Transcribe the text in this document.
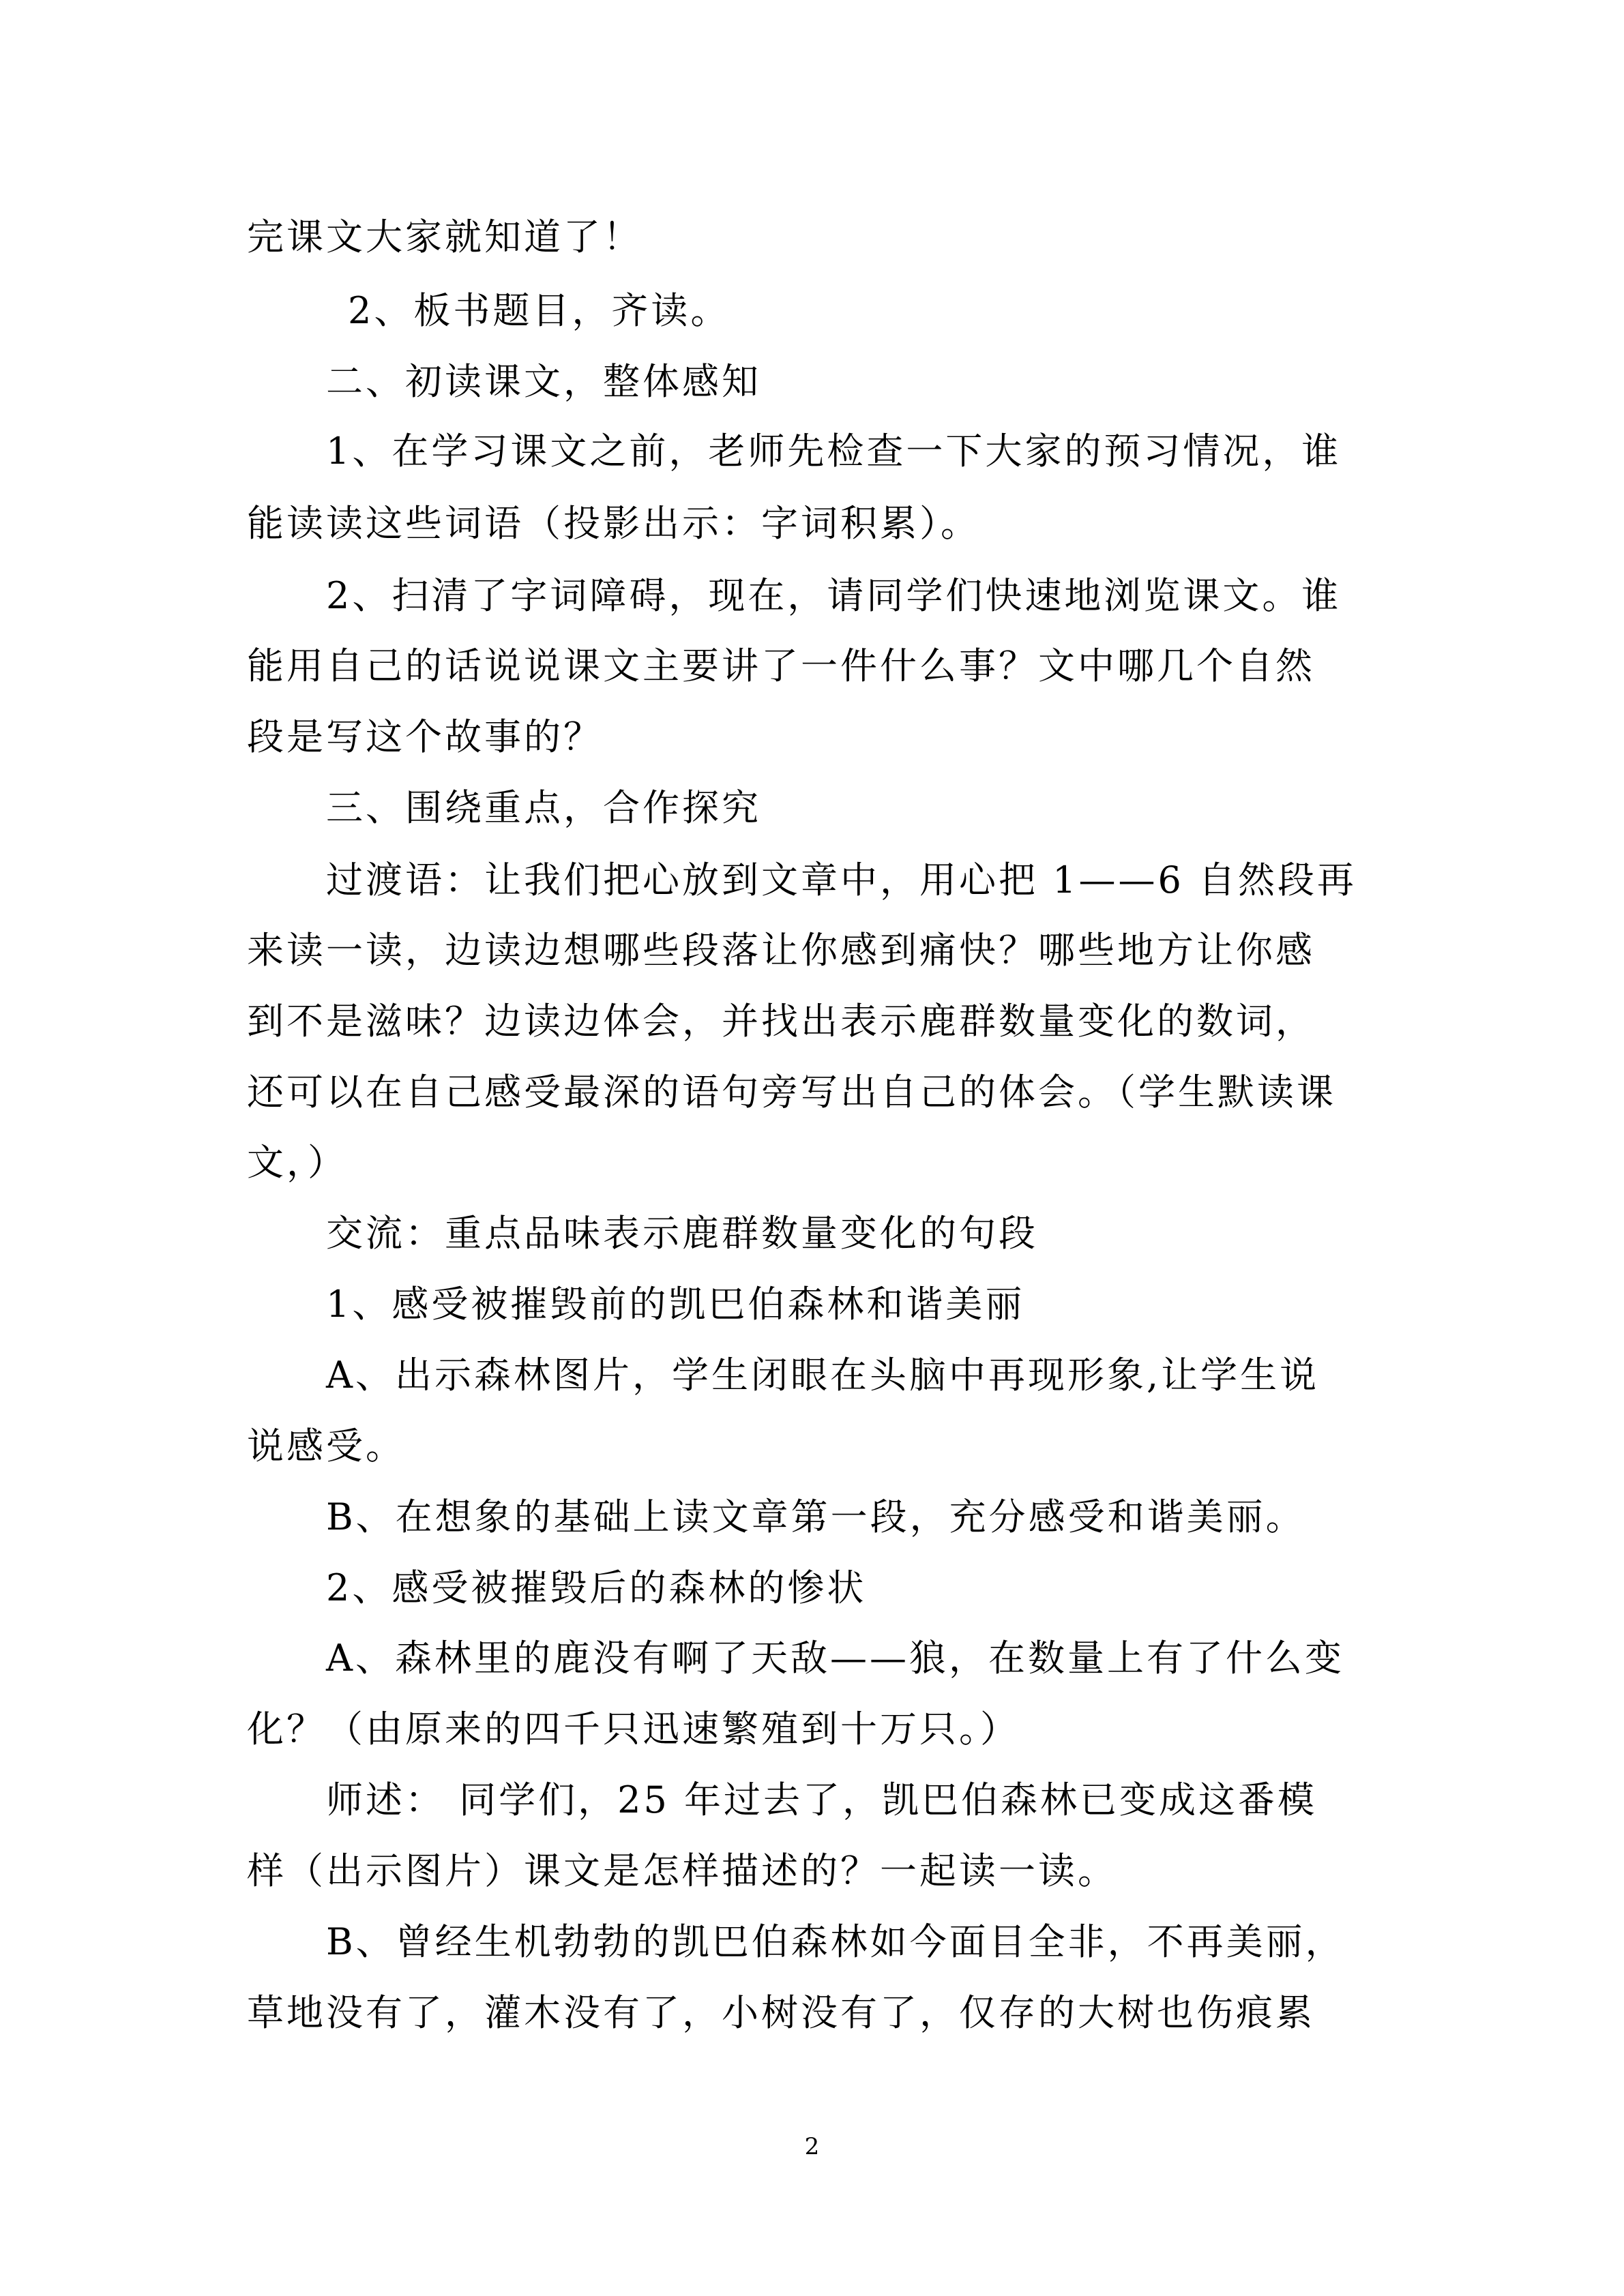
完课文大家就知道了！
2、板书题目，齐读。
二、初读课文，整体感知
1、在学习课文之前，老师先检查一下大家的预习情况，谁
能读读这些词语（投影出示：字词积累）。
2、扫清了字词障碍，现在，请同学们快速地浏览课文。谁
能用自己的话说说课文主要讲了一件什么事？文中哪几个自然
段是写这个故事的？
三、围绕重点，合作探究
过渡语：让我们把心放到文章中，用心把 1——6 自然段再
来读一读，边读边想哪些段落让你感到痛快？哪些地方让你感
到不是滋味？边读边体会，并找出表示鹿群数量变化的数词，
还可以在自己感受最深的语句旁写出自己的体会。（学生默读课
文，）
交流：重点品味表示鹿群数量变化的句段
1、感受被摧毁前的凯巴伯森林和谐美丽
A、出示森林图片，学生闭眼在头脑中再现形象,让学生说
说感受。
B、在想象的基础上读文章第一段，充分感受和谐美丽。
2、感受被摧毁后的森林的惨状
A、森林里的鹿没有啊了天敌——狼，在数量上有了什么变
化？（由原来的四千只迅速繁殖到十万只。）
师述： 同学们，25 年过去了，凯巴伯森林已变成这番模
样（出示图片）课文是怎样描述的？一起读一读。
B、曾经生机勃勃的凯巴伯森林如今面目全非，不再美丽，
草地没有了，灌木没有了，小树没有了，仅存的大树也伤痕累
2
